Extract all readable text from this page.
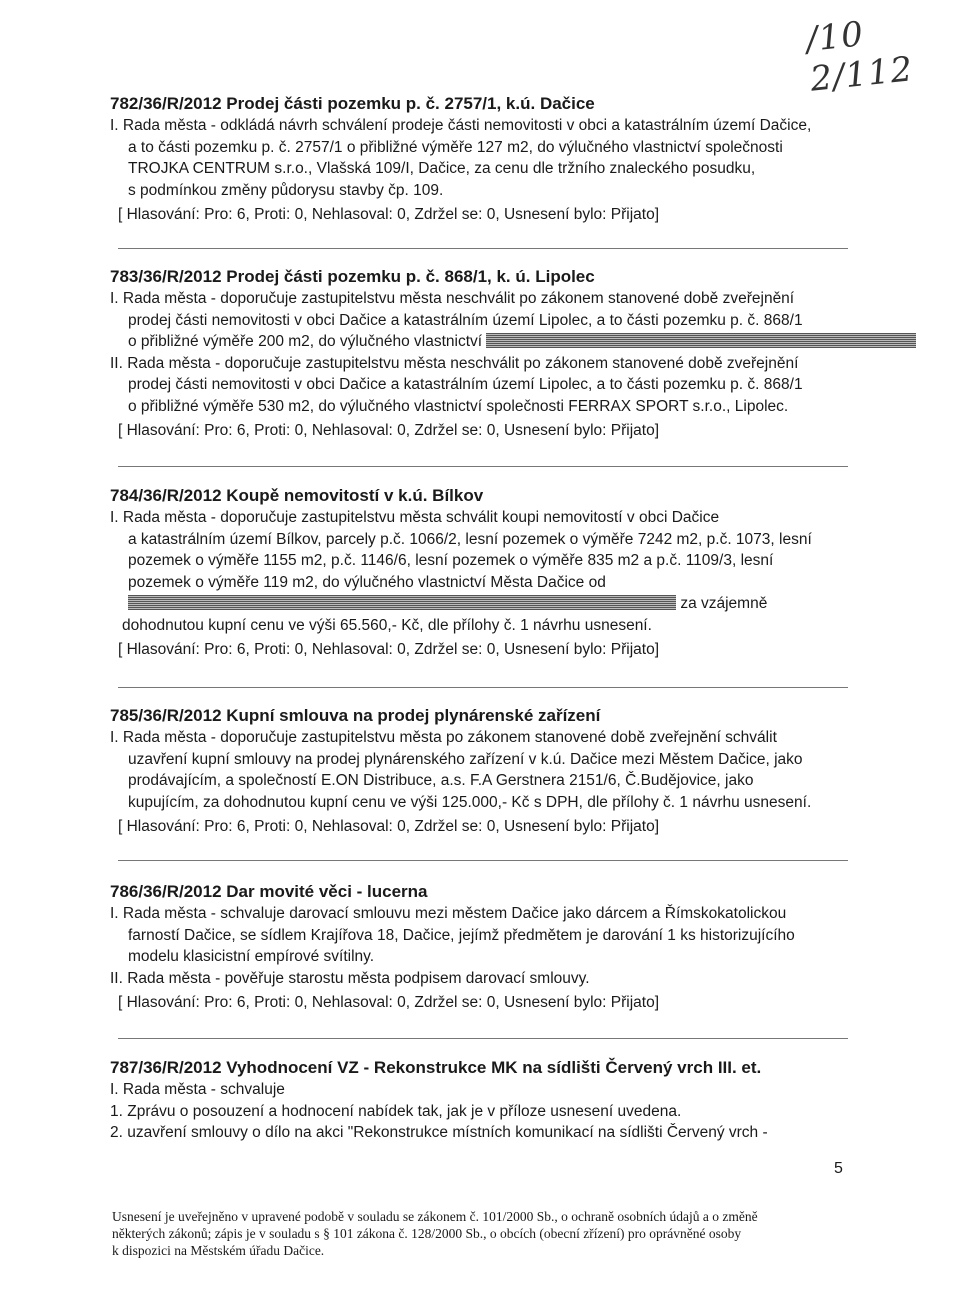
/10 2/112
782/36/R/2012 Prodej části pozemku p. č. 2757/1, k.ú. Dačice
I. Rada města - odkládá návrh schválení prodeje části nemovitosti v obci a katastrálním území Dačice,
a to části pozemku p. č. 2757/1 o přibližné výměře 127 m2, do výlučného vlastnictví společnosti
TROJKA CENTRUM s.r.o., Vlašská 109/I, Dačice, za cenu dle tržního znaleckého posudku,
s podmínkou změny půdorysu stavby čp. 109.
[ Hlasování: Pro: 6, Proti: 0, Nehlasoval: 0, Zdržel se: 0, Usnesení bylo: Přijato]
783/36/R/2012 Prodej části pozemku p. č. 868/1, k. ú. Lipolec
I. Rada města - doporučuje zastupitelstvu města neschválit po zákonem stanovené době zveřejnění
prodej části nemovitosti v obci Dačice a katastrálním území Lipolec, a to části pozemku p. č. 868/1
o přibližné výměře 200 m2, do výlučného vlastnictví
II. Rada města - doporučuje zastupitelstvu města neschválit po zákonem stanovené době zveřejnění
prodej části nemovitosti v obci Dačice a katastrálním území Lipolec, a to části pozemku p. č. 868/1
o přibližné výměře 530 m2, do výlučného vlastnictví společnosti FERRAX SPORT s.r.o., Lipolec.
[ Hlasování: Pro: 6, Proti: 0, Nehlasoval: 0, Zdržel se: 0, Usnesení bylo: Přijato]
784/36/R/2012 Koupě nemovitostí v k.ú. Bílkov
I. Rada města - doporučuje zastupitelstvu města schválit koupi nemovitostí v obci Dačice
a katastrálním území Bílkov, parcely p.č. 1066/2, lesní pozemek o výměře 7242 m2, p.č. 1073, lesní
pozemek o výměře 1155 m2, p.č. 1146/6, lesní pozemek o výměře 835 m2 a p.č. 1109/3, lesní
pozemek o výměře 119 m2, do výlučného vlastnictví Města Dačice od
za vzájemně
dohodnutou kupní cenu ve výši 65.560,- Kč, dle přílohy č. 1 návrhu usnesení.
[ Hlasování: Pro: 6, Proti: 0, Nehlasoval: 0, Zdržel se: 0, Usnesení bylo: Přijato]
785/36/R/2012 Kupní smlouva na prodej plynárenské zařízení
I. Rada města - doporučuje zastupitelstvu města po zákonem stanovené době zveřejnění schválit
uzavření kupní smlouvy na prodej plynárenského zařízení v k.ú. Dačice mezi Městem Dačice, jako
prodávajícím, a společností E.ON Distribuce, a.s. F.A Gerstnera 2151/6, Č.Budějovice, jako
kupujícím, za dohodnutou kupní cenu ve výši 125.000,- Kč s DPH, dle přílohy č. 1 návrhu usnesení.
[ Hlasování: Pro: 6, Proti: 0, Nehlasoval: 0, Zdržel se: 0, Usnesení bylo: Přijato]
786/36/R/2012 Dar movité věci - lucerna
I. Rada města - schvaluje darovací smlouvu mezi městem Dačice jako dárcem a Římskokatolickou
farností Dačice, se sídlem Krajířova 18, Dačice, jejímž předmětem je darování 1 ks historizujícího
modelu klasicistní empírové svítilny.
II. Rada města - pověřuje starostu města podpisem darovací smlouvy.
[ Hlasování: Pro: 6, Proti: 0, Nehlasoval: 0, Zdržel se: 0, Usnesení bylo: Přijato]
787/36/R/2012 Vyhodnocení VZ - Rekonstrukce MK na sídlišti Červený vrch III. et.
I. Rada města - schvaluje
1. Zprávu o posouzení a hodnocení nabídek tak, jak je v příloze usnesení uvedena.
2. uzavření smlouvy o dílo na akci "Rekonstrukce místních komunikací na sídlišti Červený vrch -
5
Usnesení je uveřejněno v upravené podobě v souladu se zákonem č. 101/2000 Sb., o ochraně osobních údajů a o změně
některých zákonů; zápis je v souladu s § 101 zákona č. 128/2000 Sb., o obcích (obecní zřízení) pro oprávněné osoby
k dispozici na Městském úřadu Dačice.
